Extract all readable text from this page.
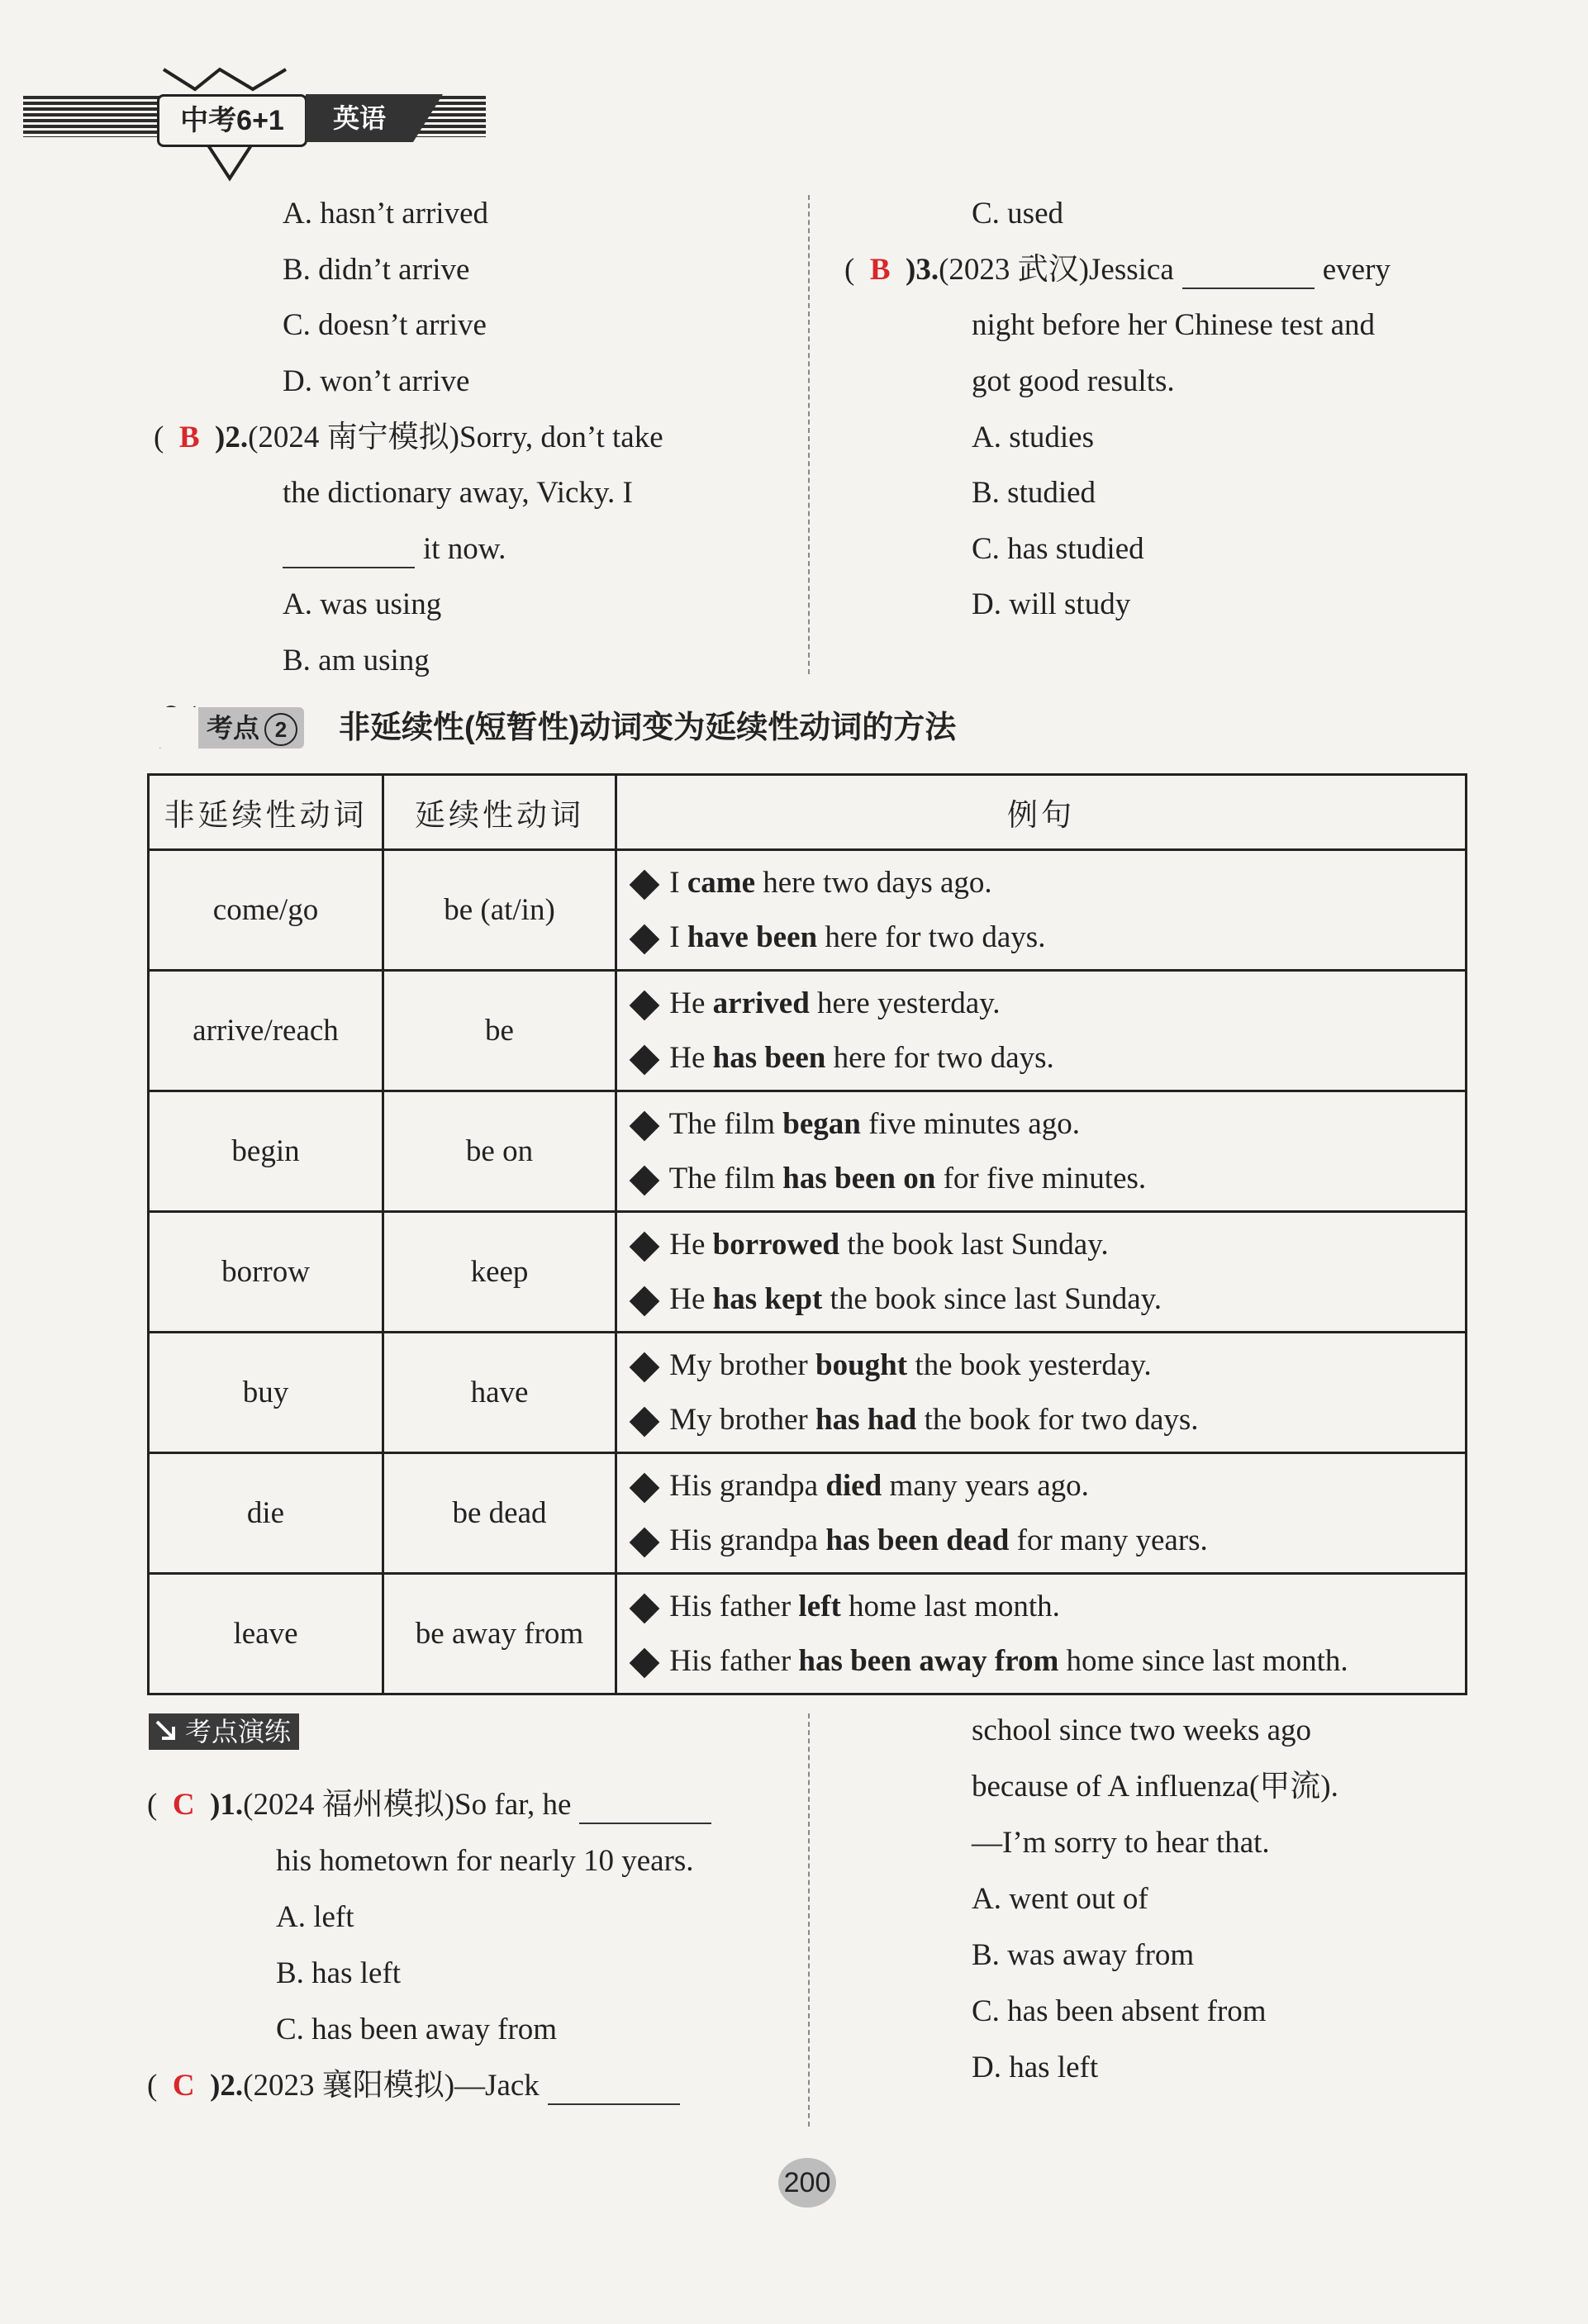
中考6+1	英语
A. hasn’t arrived
B. didn’t arrive
C. doesn’t arrive
D. won’t arrive
(  B )2.(2024 南宁模拟)Sorry, don’t take
the dictionary away, Vicky. I
it now.
A. was using
B. am using
C. used
(  B )3.(2023 武汉)Jessica	every
night before her Chinese test and
got good results.
A. studies
B. studied
C. has studied
D. will study
考点 2	非延续性(短暂性)动词变为延续性动词的方法
非延续性动词	延续性动词	例句
come/go	be (at/in)	I came here two days ago.
I have been here for two days.

arrive/reach	be	He arrived here yesterday.
He has been here for two days.

begin	be on	The film began five minutes ago.
The film has been on for five minutes.

borrow	keep	He borrowed the book last Sunday.
He has kept the book since last Sunday.

buy	have	My brother bought the book yesterday.
My brother has had the book for two days.

die	be dead	His grandpa died many years ago.
His grandpa has been dead for many years.

leave	be away from	His father left home last month.
His father has been away from home since last month.
考点演练
(  C )1.(2024 福州模拟)So far, he
his hometown for nearly 10 years.
A. left
B. has left
C. has been away from
(  C )2.(2023 襄阳模拟)—Jack
school since two weeks ago
because of A influenza(甲流).
—I’m sorry to hear that.
A. went out of
B. was away from
C. has been absent from
D. has left
200
